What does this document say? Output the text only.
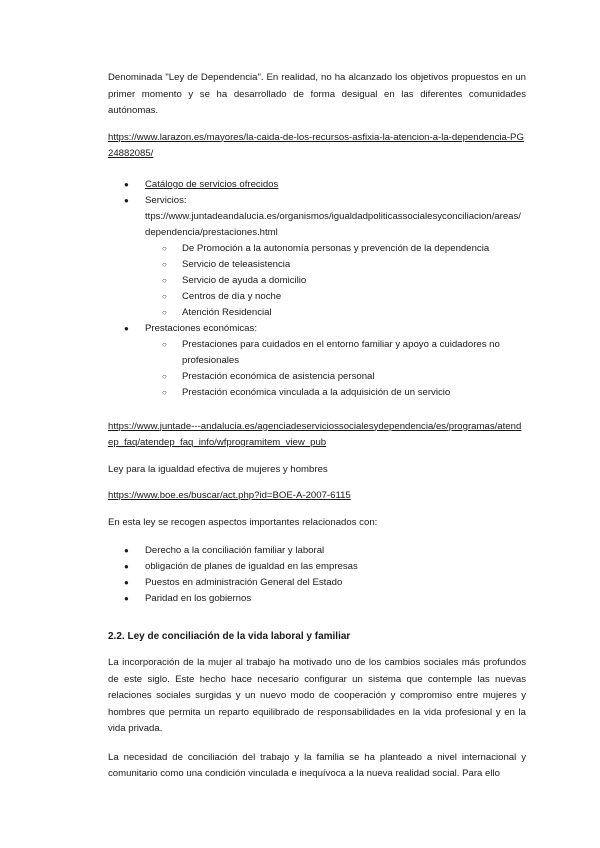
Denominada "Ley de Dependencia". En realidad, no ha alcanzado los objetivos propuestos en un primer momento y se ha desarrollado de forma desigual en las diferentes comunidades autónomas.

https://www.larazon.es/mayores/la-caida-de-los-recursos-asfixia-la-atencion-a-la-dependencia-PG24882085/

● Catálogo de servicios ofrecidos
● Servicios:
ttps://www.juntadeandalucia.es/organismos/igualdadpoliticassocialesyconciliacion/areas/dependencia/prestaciones.html
○ De Promoción a la autonomía personas y prevención de la dependencia
○ Servicio de teleasistencia
○ Servicio de ayuda a domicilio
○ Centros de día y noche
○ Atención Residencial
● Prestaciones económicas:
○ Prestaciones para cuidados en el entorno familiar y apoyo a cuidadores no profesionales
○ Prestación económica de asistencia personal
○ Prestación económica vinculada a la adquisición de un servicio

https://www.juntade---andalucia.es/agenciadeserviciossocialesydependencia/es/programas/atendep_faq/atendep_faq_info/wfprogramitem_view_pub

Ley para la igualdad efectiva de mujeres y hombres

https://www.boe.es/buscar/act.php?id=BOE-A-2007-6115

En esta ley se recogen aspectos importantes relacionados con:

● Derecho a la conciliación familiar y laboral
● obligación de planes de igualdad en las empresas
● Puestos en administración General del Estado
● Paridad en los gobiernos
2.2. Ley de conciliación de la vida laboral y familiar

La incorporación de la mujer al trabajo ha motivado uno de los cambios sociales más profundos de este siglo. Este hecho hace necesario configurar un sistema que contemple las nuevas relaciones sociales surgidas y un nuevo modo de cooperación y compromiso entre mujeres y hombres que permita un reparto equilibrado de responsabilidades en la vida profesional y en la vida privada.

La necesidad de conciliación del trabajo y la familia se ha planteado a nivel internacional y comunitario como una condición vinculada e inequívoca a la nueva realidad social. Para ello
